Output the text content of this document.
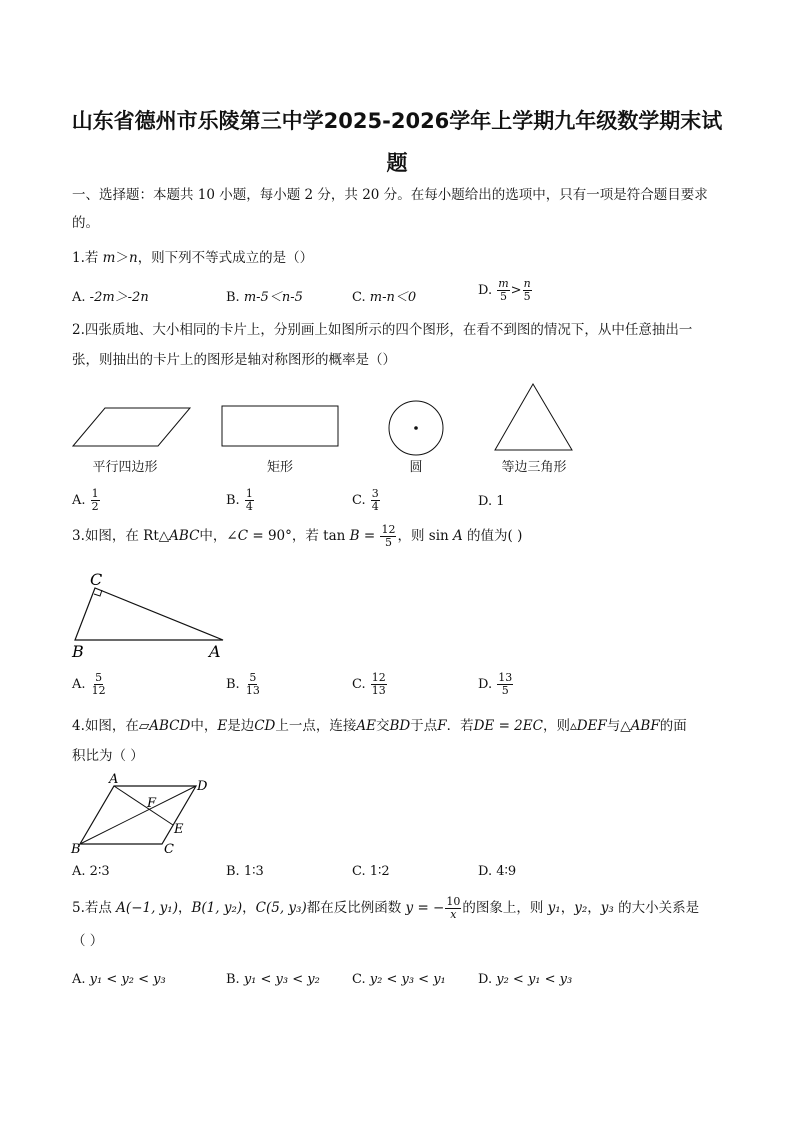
山东省德州市乐陵第三中学2025-2026学年上学期九年级数学期末试
题
一、选择题：本题共 10 小题，每小题 2 分，共 20 分。在每小题给出的选项中，只有一项是符合题目要求
的。
1.若 m＞n，则下列不等式成立的是（）
A. -2m＞-2n	B. m-5＜n-5	C. m-n＜0	D. $\frac{m}{5} > \frac{n}{5}$
2.四张质地、大小相同的卡片上，分别画上如图所示的四个图形，在看不到图的情况下，从中任意抽出一
张，则抽出的卡片上的图形是轴对称图形的概率是（）
平行四边形	矩形	圆	等边三角形
A. $\frac{1}{2}$	B. $\frac{1}{4}$	C. $\frac{3}{4}$	D. 1
3.如图，在 Rt△ABC中，∠C = 90°，若 $\tan B = \frac{12}{5}$ ，则 sin A 的值为( )
C
B	A
A. $\frac{5}{12}$	B. $\frac{5}{13}$	C. $\frac{12}{13}$	D. $\frac{13}{5}$
4.如图，在▱ABCD中，E是边CD上一点，连接AE交BD于点F．若DE = 2EC，则▵DEF与△ABF的面
积比为（ ）
A	D
F
E
B	C
A. 2∶3	B. 1∶3	C. 1∶2	D. 4∶9
5.若点 A(−1, y₁)，B(1, y₂)，C(5, y₃)都在反比例函数 y = − $\frac{10}{x}$ 的图象上，则 y₁，y₂，y₃ 的大小关系是
（ ）
A. y₁ < y₂ < y₃	B. y₁ < y₃ < y₂ C. y₂ < y₃ < y₁ D. y₂ < y₁ < y₃
